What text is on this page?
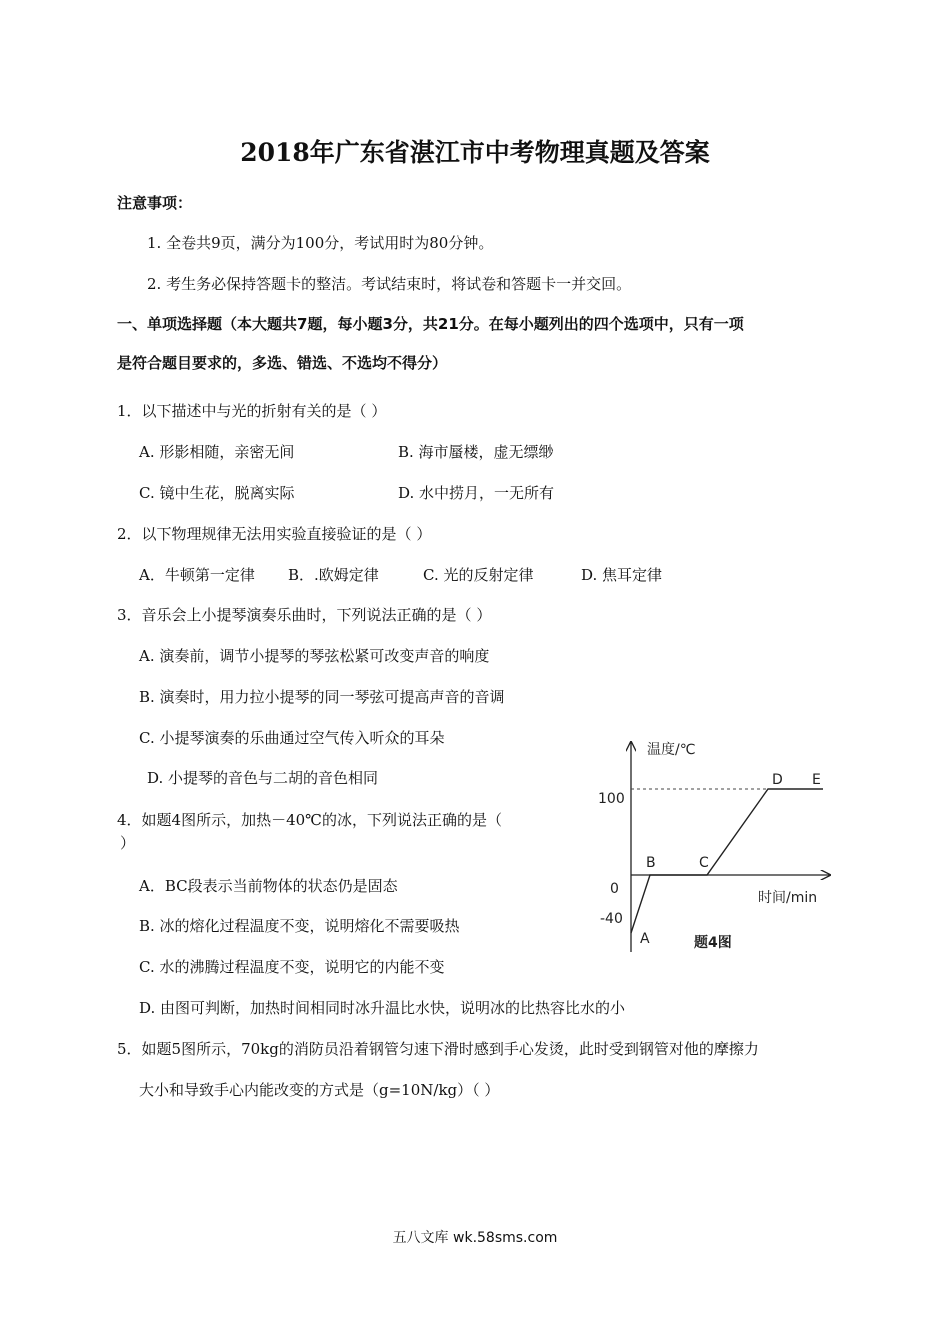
2018年广东省湛江市中考物理真题及答案
注意事项：
1. 全卷共9页，满分为100分，考试用时为80分钟。
2. 考生务必保持答题卡的整洁。考试结束时，将试卷和答题卡一并交回。
一、单项选择题（本大题共7题，每小题3分，共21分。在每小题列出的四个选项中，只有一项
是符合题目要求的，多选、错选、不选均不得分）
1．以下描述中与光的折射有关的是（ ）
A. 形影相随，亲密无间	B. 海市蜃楼，虚无缥缈
C. 镜中生花，脱离实际	D. 水中捞月，一无所有
2．以下物理规律无法用实验直接验证的是（ ）
A．牛顿第一定律 B．.欧姆定律	C. 光的反射定律	D. 焦耳定律
3．音乐会上小提琴演奏乐曲时，下列说法正确的是（ ）
A. 演奏前，调节小提琴的琴弦松紧可改变声音的响度
B. 演奏时，用力拉小提琴的同一琴弦可提高声音的音调
C. 小提琴演奏的乐曲通过空气传入听众的耳朵
D. 小提琴的音色与二胡的音色相同
4．如题4图所示，加热－40℃的冰，下列说法正确的是（
）
A．BC段表示当前物体的状态仍是固态
B. 冰的熔化过程温度不变，说明熔化不需要吸热
C. 水的沸腾过程温度不变，说明它的内能不变
D. 由图可判断，加热时间相同时冰升温比水快，说明冰的比热容比水的小
5．如题5图所示，70kg的消防员沿着钢管匀速下滑时感到手心发烫，此时受到钢管对他的摩擦力
大小和导致手心内能改变的方式是（g=10N/kg）（ ）
温度/℃
时间/min
100
0
-40
A
B	C
D E
题4图
五八文库 wk.58sms.com
